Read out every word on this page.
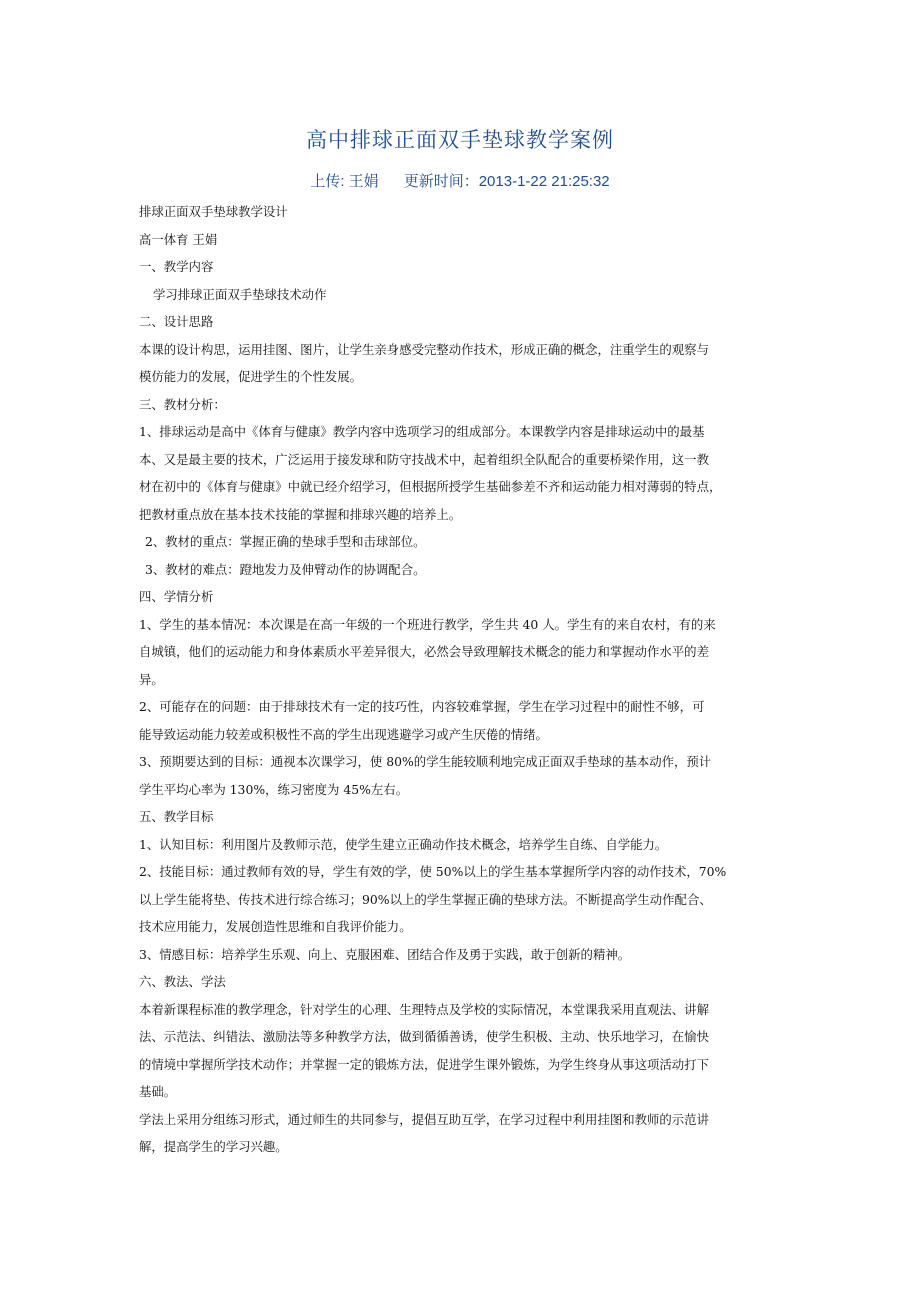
高中排球正面双手垫球教学案例
上传: 王娟 更新时间：2013-1-22 21:25:32

排球正面双手垫球教学设计

高一体育 王娟

一、教学内容

学习排球正面双手垫球技术动作

二、设计思路

本课的设计构思，运用挂图、图片，让学生亲身感受完整动作技术，形成正确的概念，注重学生的观察与

模仿能力的发展，促进学生的个性发展。

三、教材分析：

1、排球运动是高中《体育与健康》教学内容中选项学习的组成部分。本课教学内容是排球运动中的最基

本、又是最主要的技术，广泛运用于接发球和防守技战术中，起着组织全队配合的重要桥梁作用，这一教

材在初中的《体育与健康》中就已经介绍学习，但根据所授学生基础参差不齐和运动能力相对薄弱的特点，

把教材重点放在基本技术技能的掌握和排球兴趣的培养上。

2、教材的重点：掌握正确的垫球手型和击球部位。

3、教材的难点：蹬地发力及伸臂动作的协调配合。

四、学情分析

1、学生的基本情况：本次课是在高一年级的一个班进行教学，学生共 40 人。学生有的来自农村，有的来

自城镇，他们的运动能力和身体素质水平差异很大，必然会导致理解技术概念的能力和掌握动作水平的差

异。

2、可能存在的问题：由于排球技术有一定的技巧性，内容较难掌握，学生在学习过程中的耐性不够，可

能导致运动能力较差或积极性不高的学生出现逃避学习或产生厌倦的情绪。

3、预期要达到的目标：通视本次课学习，使 80%的学生能较顺利地完成正面双手垫球的基本动作，预计

学生平均心率为 130%，练习密度为 45%左右。

五、教学目标

1、认知目标：利用图片及教师示范，使学生建立正确动作技术概念，培养学生自练、自学能力。

2、技能目标：通过教师有效的导，学生有效的学，使 50%以上的学生基本掌握所学内容的动作技术，70%

以上学生能将垫、传技术进行综合练习；90%以上的学生掌握正确的垫球方法。不断提高学生动作配合、

技术应用能力，发展创造性思维和自我评价能力。

3、情感目标：培养学生乐观、向上、克服困难、团结合作及勇于实践，敢于创新的精神。

六、教法、学法

本着新课程标准的教学理念，针对学生的心理、生理特点及学校的实际情况，本堂课我采用直观法、讲解

法、示范法、纠错法、激励法等多种教学方法，做到循循善诱，使学生积极、主动、快乐地学习，在愉快

的情境中掌握所学技术动作；并掌握一定的锻炼方法，促进学生课外锻炼，为学生终身从事这项活动打下

基础。

学法上采用分组练习形式，通过师生的共同参与，提倡互助互学，在学习过程中利用挂图和教师的示范讲

解，提高学生的学习兴趣。
